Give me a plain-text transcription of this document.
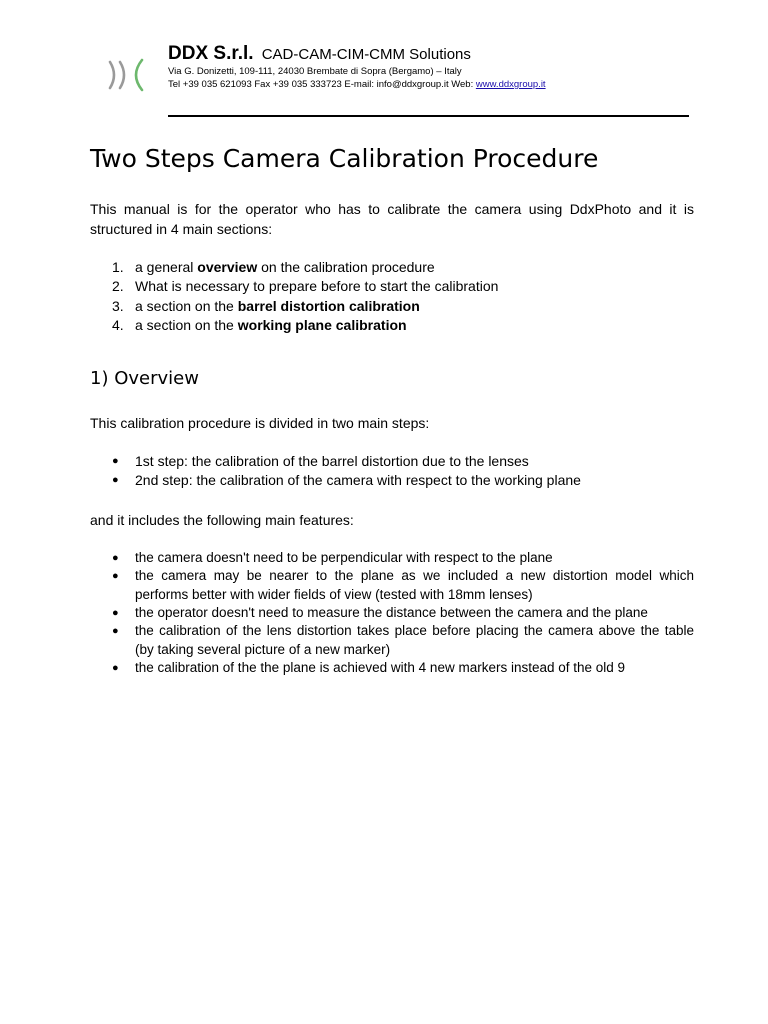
DDX S.r.l. CAD-CAM-CIM-CMM Solutions
Via G. Donizetti, 109-111, 24030 Brembate di Sopra (Bergamo) – Italy
Tel +39 035 621093 Fax +39 035 333723 E-mail: info@ddxgroup.it Web: www.ddxgroup.it
Two Steps Camera Calibration Procedure

This manual is for the operator who has to calibrate the camera using DdxPhoto and it is structured in 4 main sections:

1. a general overview on the calibration procedure
2. What is necessary to prepare before to start the calibration
3. a section on the barrel distortion calibration
4. a section on the working plane calibration
1) Overview

This calibration procedure is divided in two main steps:

● 1st step: the calibration of the barrel distortion due to the lenses
● 2nd step: the calibration of the camera with respect to the working plane

and it includes the following main features:

● the camera doesn't need to be perpendicular with respect to the plane
● the camera may be nearer to the plane as we included a new distortion model which performs better with wider fields of view (tested with 18mm lenses)
● the operator doesn't need to measure the distance between the camera and the plane
● the calibration of the lens distortion takes place before placing the camera above the table (by taking several picture of a new marker)
● the calibration of the the plane is achieved with 4 new markers instead of the old 9
